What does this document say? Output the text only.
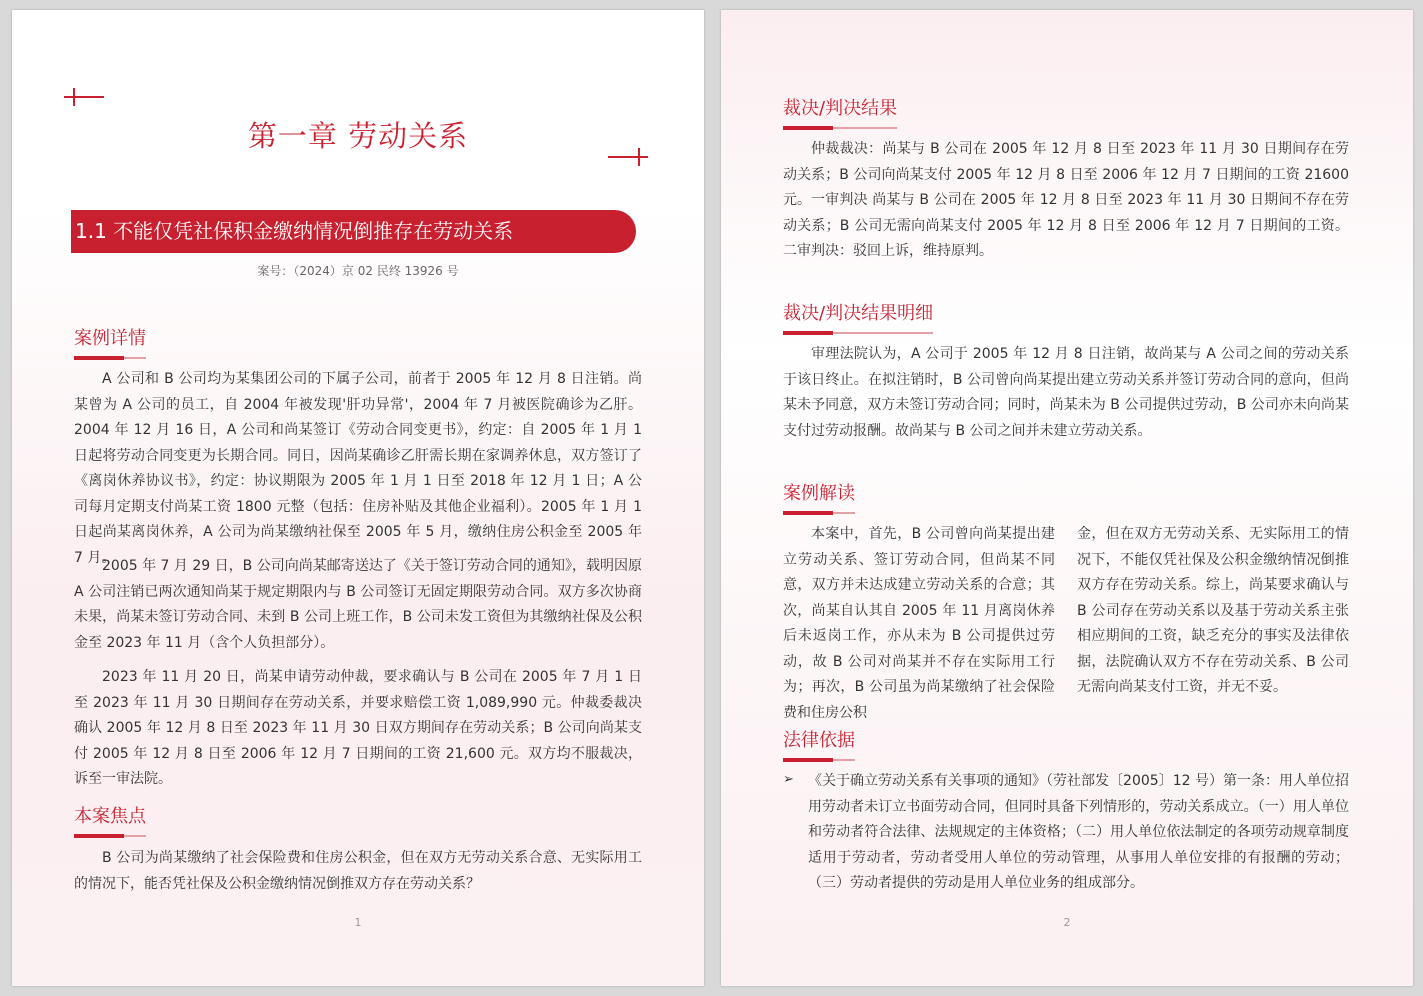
第一章 劳动关系
1.1 不能仅凭社保积金缴纳情况倒推存在劳动关系
案号：（2024）京 02 民终 13926 号
案例详情

A 公司和 B 公司均为某集团公司的下属子公司，前者于 2005 年 12 月 8 日注销。尚某曾为 A 公司的员工，自 2004 年被发现'肝功异常'，2004 年 7 月被医院确诊为乙肝。2004 年 12 月 16 日，A 公司和尚某签订《劳动合同变更书》，约定：自 2005 年 1 月 1 日起将劳动合同变更为长期合同。同日，因尚某确诊乙肝需长期在家调养休息，双方签订了《离岗休养协议书》，约定：协议期限为 2005 年 1 月 1 日至 2018 年 12 月 1 日；A 公司每月定期支付尚某工资 1800 元整（包括：住房补贴及其他企业福利）。2005 年 1 月 1 日起尚某离岗休养，A 公司为尚某缴纳社保至 2005 年 5 月，缴纳住房公积金至 2005 年 7 月。

2005 年 7 月 29 日，B 公司向尚某邮寄送达了《关于签订劳动合同的通知》，载明因原 A 公司注销已两次通知尚某于规定期限内与 B 公司签订无固定期限劳动合同。双方多次协商未果，尚某未签订劳动合同、未到 B 公司上班工作，B 公司未发工资但为其缴纳社保及公积金至 2023 年 11 月（含个人负担部分）。

2023 年 11 月 20 日，尚某申请劳动仲裁，要求确认与 B 公司在 2005 年 7 月 1 日至 2023 年 11 月 30 日期间存在劳动关系，并要求赔偿工资 1,089,990 元。仲裁委裁决确认 2005 年 12 月 8 日至 2023 年 11 月 30 日双方期间存在劳动关系；B 公司向尚某支付 2005 年 12 月 8 日至 2006 年 12 月 7 日期间的工资 21,600 元。双方均不服裁决，诉至一审法院。

本案焦点

B 公司为尚某缴纳了社会保险费和住房公积金，但在双方无劳动关系合意、无实际用工的情况下，能否凭社保及公积金缴纳情况倒推双方存在劳动关系？

1
裁决/判决结果

仲裁裁决：尚某与 B 公司在 2005 年 12 月 8 日至 2023 年 11 月 30 日期间存在劳动关系；B 公司向尚某支付 2005 年 12 月 8 日至 2006 年 12 月 7 日期间的工资 21600 元。 一审判决 尚某与 B 公司在 2005 年 12 月 8 日至 2023 年 11 月 30 日期间不存在劳动关系；B 公司无需向尚某支付 2005 年 12 月 8 日至 2006 年 12 月 7 日期间的工资。二审判决：驳回上诉，维持原判。

裁决/判决结果明细

审理法院认为，A 公司于 2005 年 12 月 8 日注销，故尚某与 A 公司之间的劳动关系于该日终止。在拟注销时，B 公司曾向尚某提出建立劳动关系并签订劳动合同的意向，但尚某未予同意，双方未签订劳动合同；同时，尚某未为 B 公司提供过劳动，B 公司亦未向尚某支付过劳动报酬。故尚某与 B 公司之间并未建立劳动关系。

案例解读

本案中，首先，B 公司曾向尚某提出建立劳动关系、签订劳动合同，但尚某不同意，双方并未达成建立劳动关系的合意；其次，尚某自认其自 2005 年 11 月离岗休养后未返岗工作，亦从未为 B 公司提供过劳动，故 B 公司对尚某并不存在实际用工行为；再次，B 公司虽为尚某缴纳了社会保险费和住房公积

金，但在双方无劳动关系、无实际用工的情况下，不能仅凭社保及公积金缴纳情况倒推双方存在劳动关系。综上，尚某要求确认与 B 公司存在劳动关系以及基于劳动关系主张相应期间的工资，缺乏充分的事实及法律依据，法院确认双方不存在劳动关系、B 公司无需向尚某支付工资，并无不妥。

法律依据
➢ 《关于确立劳动关系有关事项的通知》（劳社部发〔2005〕12 号）第一条：用人单位招用劳动者未订立书面劳动合同，但同时具备下列情形的，劳动关系成立。（一）用人单位和劳动者符合法律、法规规定的主体资格；（二）用人单位依法制定的各项劳动规章制度适用于劳动者，劳动者受用人单位的劳动管理，从事用人单位安排的有报酬的劳动；（三）劳动者提供的劳动是用人单位业务的组成部分。

2
